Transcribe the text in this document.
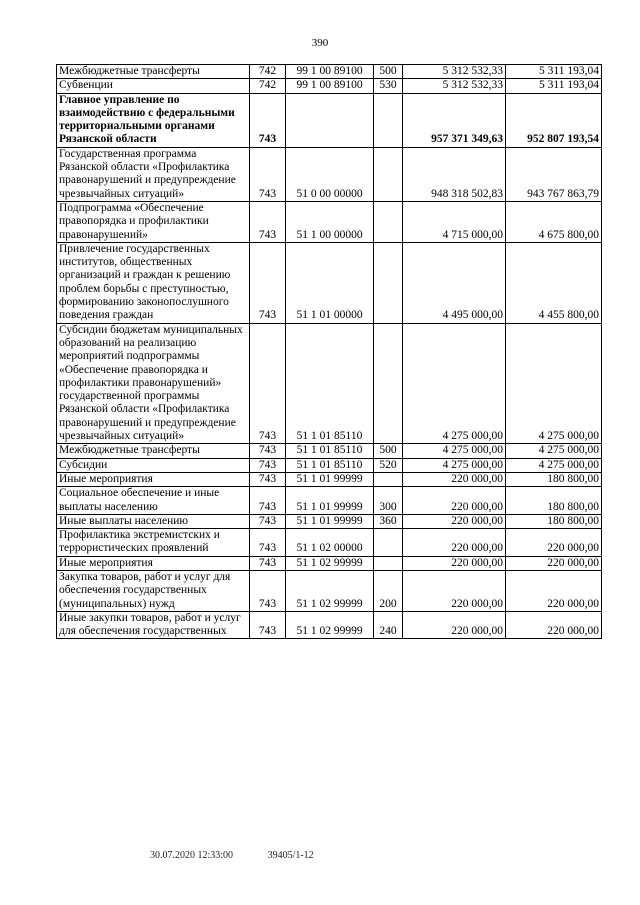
390
Межбюджетные трансферты	742	99 1 00 89100	500	5 312 532,33	5 311 193,04
Субвенции	742	99 1 00 89100	530	5 312 532,33	5 311 193,04
Главное управление по взаимодействию с федеральными территориальными органами Рязанской области	743			957 371 349,63	952 807 193,54
Государственная программа Рязанской области «Профилактика правонарушений и предупреждение чрезвычайных ситуаций»	743	51 0 00 00000		948 318 502,83	943 767 863,79
Подпрограмма «Обеспечение правопорядка и профилактики правонарушений»	743	51 1 00 00000		4 715 000,00	4 675 800,00
Привлечение государственных институтов, общественных организаций и граждан к решению проблем борьбы с преступностью, формированию законопослушного поведения граждан	743	51 1 01 00000		4 495 000,00	4 455 800,00
Субсидии бюджетам муниципальных образований на реализацию мероприятий подпрограммы «Обеспечение правопорядка и профилактики правонарушений» государственной программы Рязанской области «Профилактика правонарушений и предупреждение чрезвычайных ситуаций»	743	51 1 01 85110		4 275 000,00	4 275 000,00
Межбюджетные трансферты	743	51 1 01 85110	500	4 275 000,00	4 275 000,00
Субсидии	743	51 1 01 85110	520	4 275 000,00	4 275 000,00
Иные мероприятия	743	51 1 01 99999		220 000,00	180 800,00
Социальное обеспечение и иные выплаты населению	743	51 1 01 99999	300	220 000,00	180 800,00
Иные выплаты населению	743	51 1 01 99999	360	220 000,00	180 800,00
Профилактика экстремистских и террористических проявлений	743	51 1 02 00000		220 000,00	220 000,00
Иные мероприятия	743	51 1 02 99999		220 000,00	220 000,00
Закупка товаров, работ и услуг для обеспечения государственных (муниципальных) нужд	743	51 1 02 99999	200	220 000,00	220 000,00
Иные закупки товаров, работ и услуг для обеспечения государственных	743	51 1 02 99999	240	220 000,00	220 000,00
30.07.2020 12:33:00	39405/1-12
